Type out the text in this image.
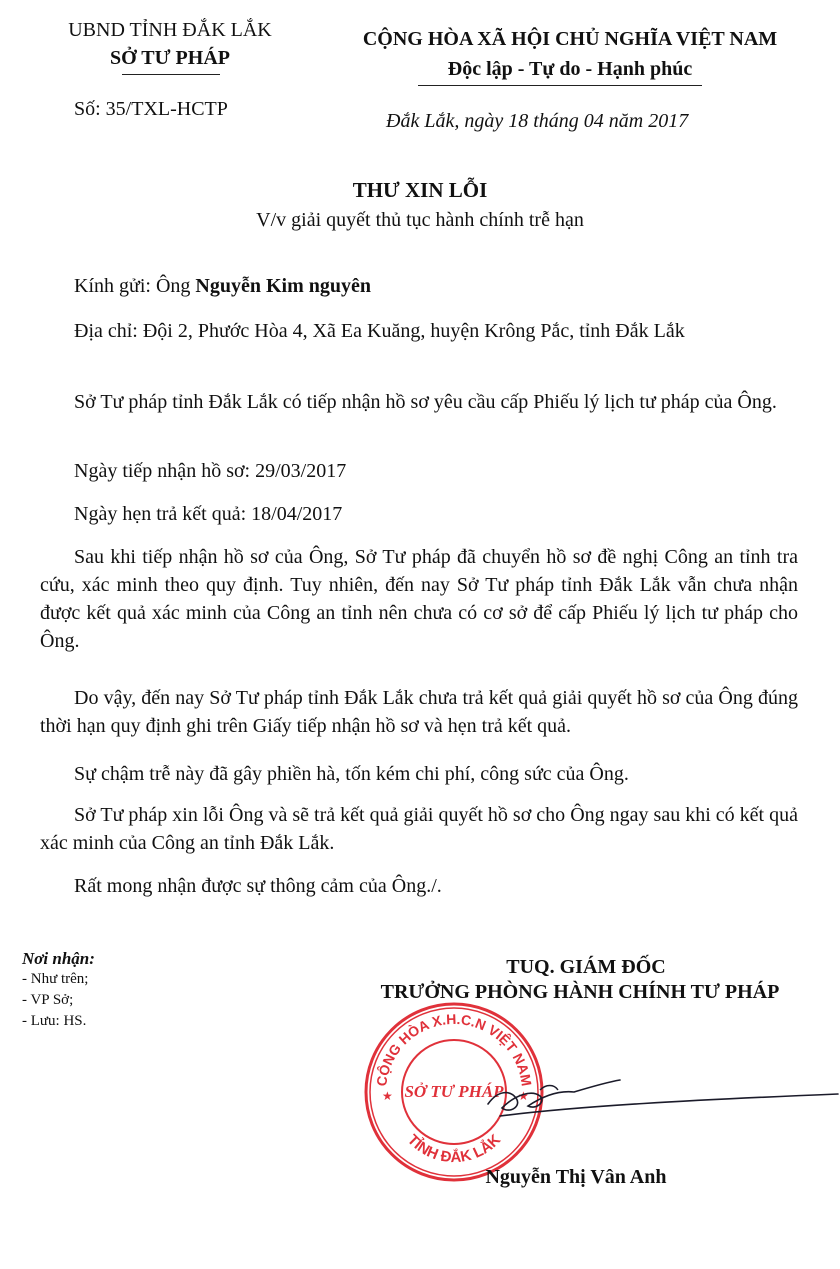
UBND TỈNH ĐẮK LẮK
SỞ TƯ PHÁP
Số: 35/TXL-HCTP
CỘNG HÒA XÃ HỘI CHỦ NGHĨA VIỆT NAM
Độc lập - Tự do - Hạnh phúc
Đắk Lắk, ngày 18 tháng 04 năm 2017
THƯ XIN LỖI
V/v giải quyết thủ tục hành chính trễ hạn
Kính gửi: Ông Nguyễn Kim nguyên
Địa chỉ: Đội 2, Phước Hòa 4, Xã Ea Kuăng, huyện Krông Pắc, tỉnh Đắk Lắk
Sở Tư pháp tỉnh Đắk Lắk có tiếp nhận hồ sơ yêu cầu cấp Phiếu lý lịch tư pháp của Ông.
Ngày tiếp nhận hồ sơ: 29/03/2017
Ngày hẹn trả kết quả: 18/04/2017
Sau khi tiếp nhận hồ sơ của Ông, Sở Tư pháp đã chuyển hồ sơ đề nghị Công an tỉnh tra cứu, xác minh theo quy định. Tuy nhiên, đến nay Sở Tư pháp tỉnh Đắk Lắk vẫn chưa nhận được kết quả xác minh của Công an tỉnh nên chưa có cơ sở để cấp Phiếu lý lịch tư pháp cho Ông.
Do vậy, đến nay Sở Tư pháp tỉnh Đắk Lắk chưa trả kết quả giải quyết hồ sơ của Ông đúng thời hạn quy định ghi trên Giấy tiếp nhận hồ sơ và hẹn trả kết quả.
Sự chậm trễ này đã gây phiền hà, tốn kém chi phí, công sức của Ông.
Sở Tư pháp xin lỗi Ông và sẽ trả kết quả giải quyết hồ sơ cho Ông ngay sau khi có kết quả xác minh của Công an tỉnh Đắk Lắk.
Rất mong nhận được sự thông cảm của Ông./.
Nơi nhận:
- Như trên;
- VP Sở;
- Lưu: HS.
TUQ. GIÁM ĐỐC
TRƯỞNG PHÒNG HÀNH CHÍNH TƯ PHÁP
CỘNG HÒA X.H.C.N VIỆT NAM
TỈNH ĐẮK LẮK
SỞ TƯ PHÁP
★	★
Nguyễn Thị Vân Anh
